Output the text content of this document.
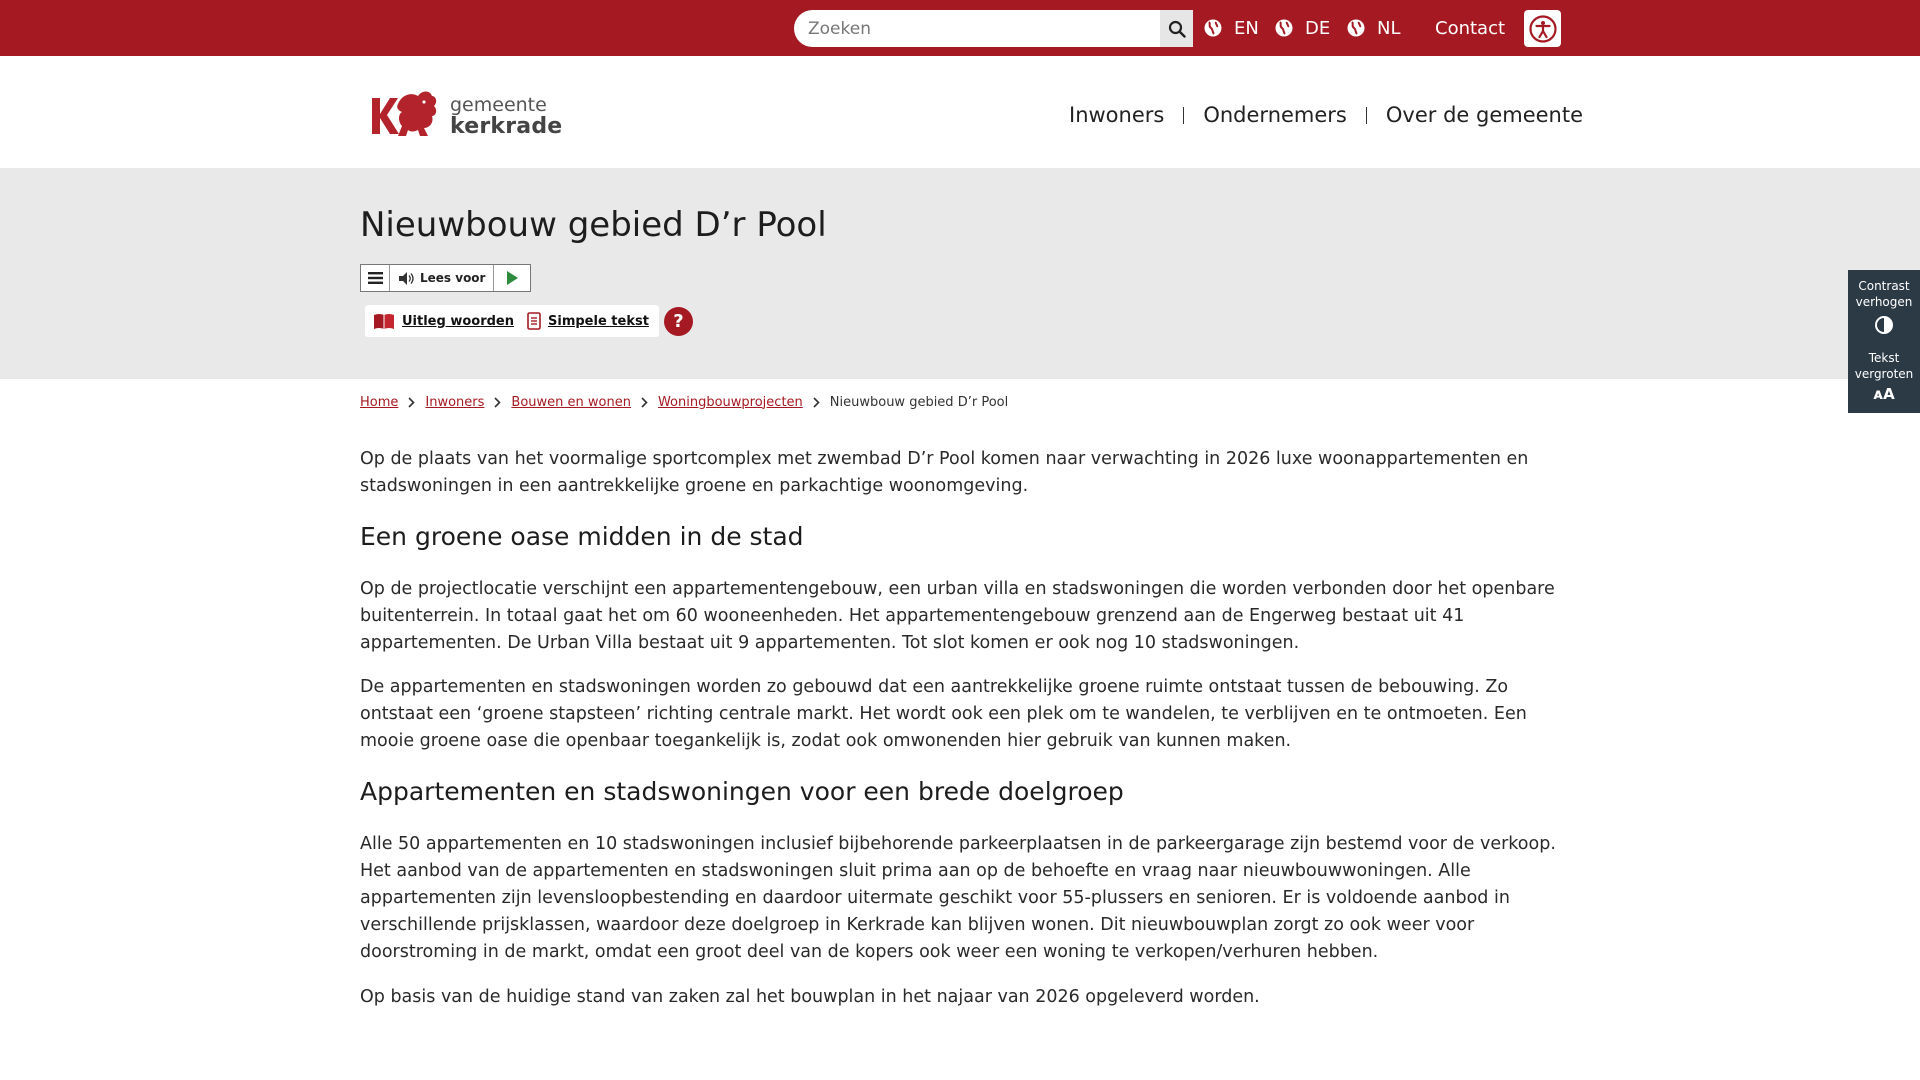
Zoeken
EN	DE	NL Contact
gemeente
kerkrade	Inwoners Ondernemers Over de gemeente
Nieuwbouw gebied D’r Pool
Lees voor
Uitleg woorden	Simpele tekst	?
Contrast
verhogen
Tekst
vergroten
ᴀA
Home Inwoners Bouwen en wonen Woningbouwprojecten Nieuwbouw gebied D’r Pool

Op de plaats van het voormalige sportcomplex met zwembad D’r Pool komen naar verwachting in 2026 luxe woonappartementen en stadswoningen in een aantrekkelijke groene en parkachtige woonomgeving.

Een groene oase midden in de stad

Op de projectlocatie verschijnt een appartementengebouw, een urban villa en stadswoningen die worden verbonden door het openbare buitenterrein. In totaal gaat het om 60 wooneenheden. Het appartementengebouw grenzend aan de Engerweg bestaat uit 41 appartementen. De Urban Villa bestaat uit 9 appartementen. Tot slot komen er ook nog 10 stadswoningen.

De appartementen en stadswoningen worden zo gebouwd dat een aantrekkelijke groene ruimte ontstaat tussen de bebouwing. Zo ontstaat een ‘groene stapsteen’ richting centrale markt. Het wordt ook een plek om te wandelen, te verblijven en te ontmoeten. Een mooie groene oase die openbaar toegankelijk is, zodat ook omwonenden hier gebruik van kunnen maken.

Appartementen en stadswoningen voor een brede doelgroep

Alle 50 appartementen en 10 stadswoningen inclusief bijbehorende parkeerplaatsen in de parkeergarage zijn bestemd voor de verkoop. Het aanbod van de appartementen en stadswoningen sluit prima aan op de behoefte en vraag naar nieuwbouwwoningen. Alle appartementen zijn levensloopbestending en daardoor uitermate geschikt voor 55-plussers en senioren. Er is voldoende aanbod in verschillende prijsklassen, waardoor deze doelgroep in Kerkrade kan blijven wonen. Dit nieuwbouwplan zorgt zo ook weer voor doorstroming in de markt, omdat een groot deel van de kopers ook weer een woning te verkopen/verhuren hebben.

Op basis van de huidige stand van zaken zal het bouwplan in het najaar van 2026 opgeleverd worden.
